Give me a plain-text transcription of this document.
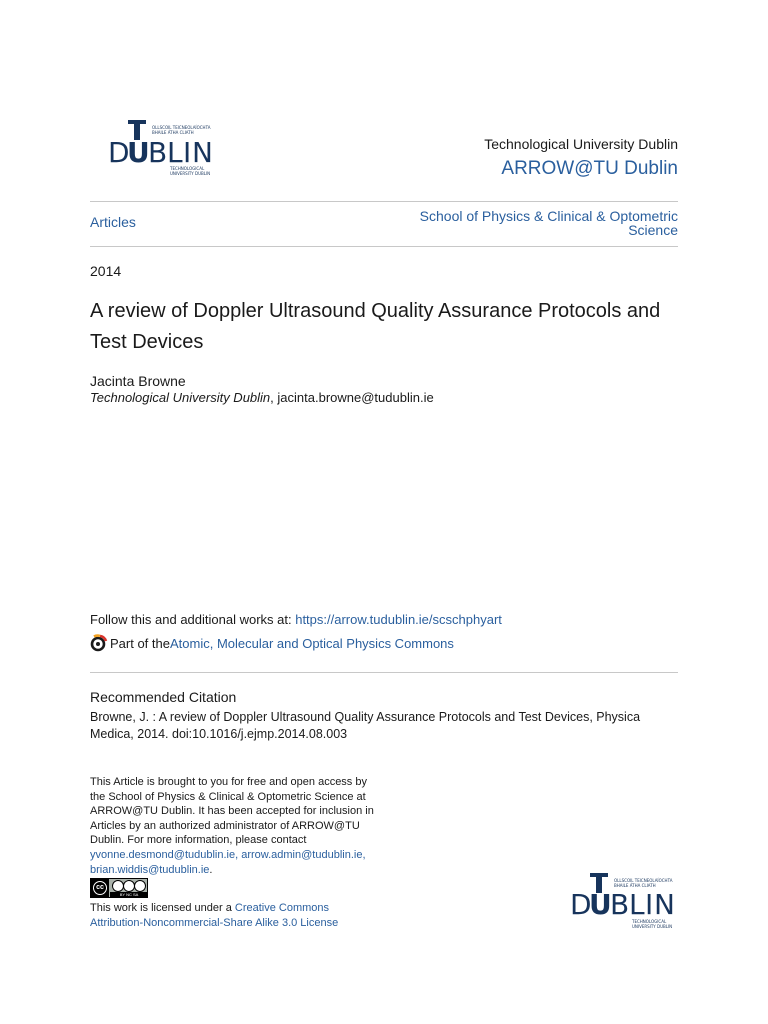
D
U
B
L I N
OLLSCOIL TEICNEOLAÍOCHTA
BHAILE ÁTHA CLIATH
TECHNOLOGICAL
UNIVERSITY DUBLIN
Technological University Dublin
ARROW@TU Dublin
Articles	School of Physics & Clinical & Optometric
Science
2014
A review of Doppler Ultrasound Quality Assurance Protocols and
Test Devices
Jacinta Browne
Technological University Dublin, jacinta.browne@tudublin.ie
Follow this and additional works at: https://arrow.tudublin.ie/scschphyart
Part of the Atomic, Molecular and Optical Physics Commons
Recommended Citation
Browne, J. : A review of Doppler Ultrasound Quality Assurance Protocols and Test Devices, Physica
Medica, 2014. doi:10.1016/j.ejmp.2014.08.003
This Article is brought to you for free and open access by
the School of Physics & Clinical & Optometric Science at
ARROW@TU Dublin. It has been accepted for inclusion in
Articles by an authorized administrator of ARROW@TU
Dublin. For more information, please contact
yvonne.desmond@tudublin.ie, arrow.admin@tudublin.ie,
brian.widdis@tudublin.ie.
cc
BY NC SA
This work is licensed under a Creative Commons
Attribution-Noncommercial-Share Alike 3.0 License
D
U
B
L I N
OLLSCOIL TEICNEOLAÍOCHTA
BHAILE ÁTHA CLIATH
TECHNOLOGICAL
UNIVERSITY DUBLIN
